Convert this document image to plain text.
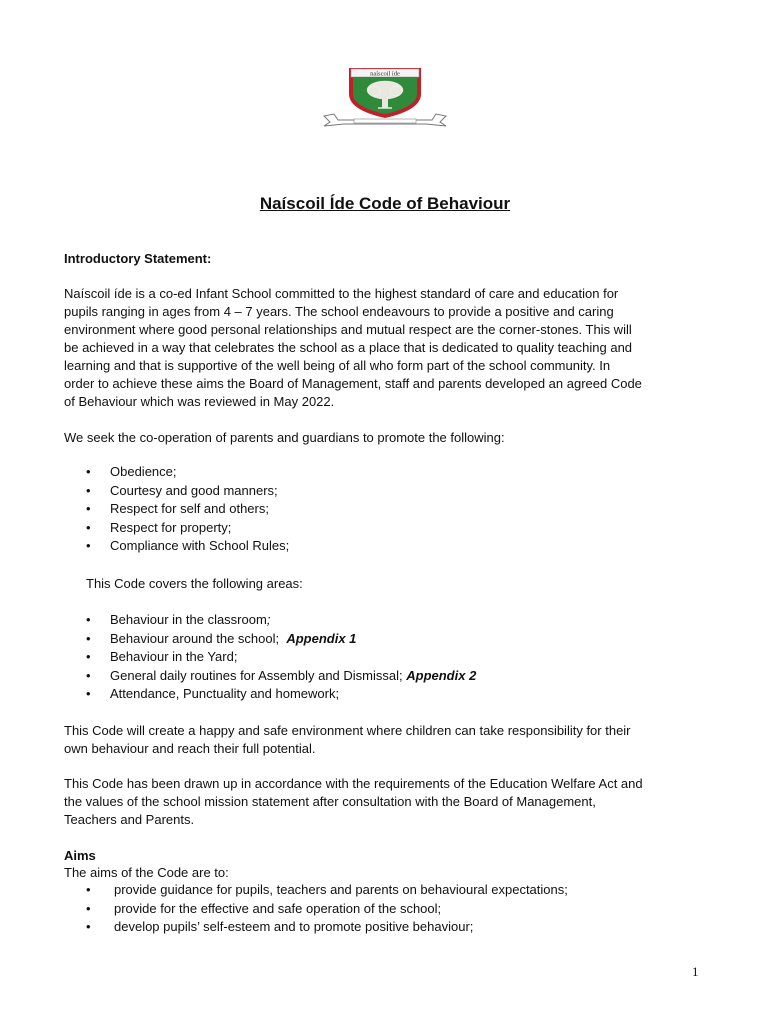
naíscoil íde
Naíscoil Íde Code of Behaviour

Introductory Statement:

Naíscoil íde is a co-ed Infant School committed to the highest standard of care and education for
pupils ranging in ages from 4 – 7 years. The school endeavours to provide a positive and caring
environment where good personal relationships and mutual respect are the corner-stones. This will
be achieved in a way that celebrates the school as a place that is dedicated to quality teaching and
learning and that is supportive of the well being of all who form part of the school community. In
order to achieve these aims the Board of Management, staff and parents developed an agreed Code
of Behaviour which was reviewed in May 2022.

We seek the co-operation of parents and guardians to promote the following:

• Obedience;
• Courtesy and good manners;
• Respect for self and others;
• Respect for property;
• Compliance with School Rules;

This Code covers the following areas:

• Behaviour in the classroom;
• Behaviour around the school;  Appendix 1
• Behaviour in the Yard;
• General daily routines for Assembly and Dismissal; Appendix 2
• Attendance, Punctuality and homework;
This Code will create a happy and safe environment where children can take responsibility for their
own behaviour and reach their full potential.
This Code has been drawn up in accordance with the requirements of the Education Welfare Act and
the values of the school mission statement after consultation with the Board of Management,
Teachers and Parents.

Aims

The aims of the Code are to:

• provide guidance for pupils, teachers and parents on behavioural expectations;
• provide for the effective and safe operation of the school;
• develop pupils’ self-esteem and to promote positive behaviour;
1
